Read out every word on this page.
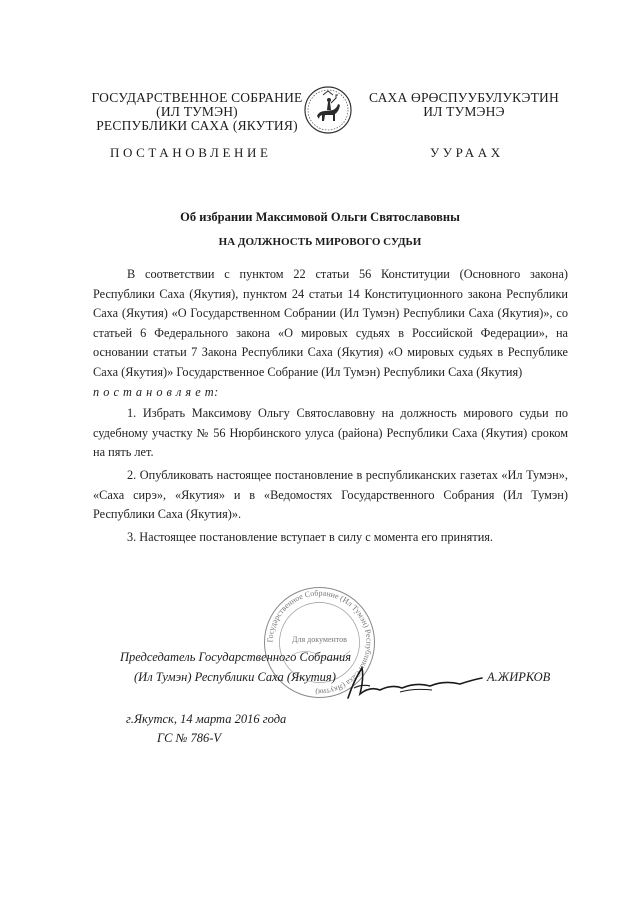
ГОСУДАРСТВЕННОЕ СОБРАНИЕ
(ИЛ ТУМЭН)
РЕСПУБЛИКИ САХА (ЯКУТИЯ)
САХА ӨРӨСПУУБУЛУКЭТИН
ИЛ ТУМЭНЭ
ПОСТАНОВЛЕНИЕ	УУРААХ
Об избрании Максимовой Ольги Святославовны
НА ДОЛЖНОСТЬ МИРОВОГО СУДЬИ

В соответствии с пунктом 22 статьи 56 Конституции (Основного закона) Республики Саха (Якутия), пунктом 24 статьи 14 Конституционного закона Республики Саха (Якутия) «О Государственном Собрании (Ил Тумэн) Республики Саха (Якутия)», со статьей 6 Федерального закона «О мировых судьях в Российской Федерации», на основании статьи 7 Закона Республики Саха (Якутия) «О мировых судьях в Республике Саха (Якутия)» Государственное Собрание (Ил Тумэн) Республики Саха (Якутия)

п о с т а н о в л я е т:

1. Избрать Максимову Ольгу Святославовну на должность мирового судьи по судебному участку № 56 Нюрбинского улуса (района) Республики Саха (Якутия) сроком на пять лет.

2. Опубликовать настоящее постановление в республиканских газетах «Ил Тумэн», «Саха сирэ», «Якутия» и в «Ведомостях Государственного Собрания (Ил Тумэн) Республики Саха (Якутия)».

3. Настоящее постановление вступает в силу с момента его принятия.

Государственное Собрание (Ил Тумэн) Республики Саха (Якутия)
Для документов
Председатель Государственного Собрания
(Ил Тумэн) Республики Саха (Якутия)	А.ЖИРКОВ
г.Якутск, 14 марта 2016 года
ГС № 786-V
